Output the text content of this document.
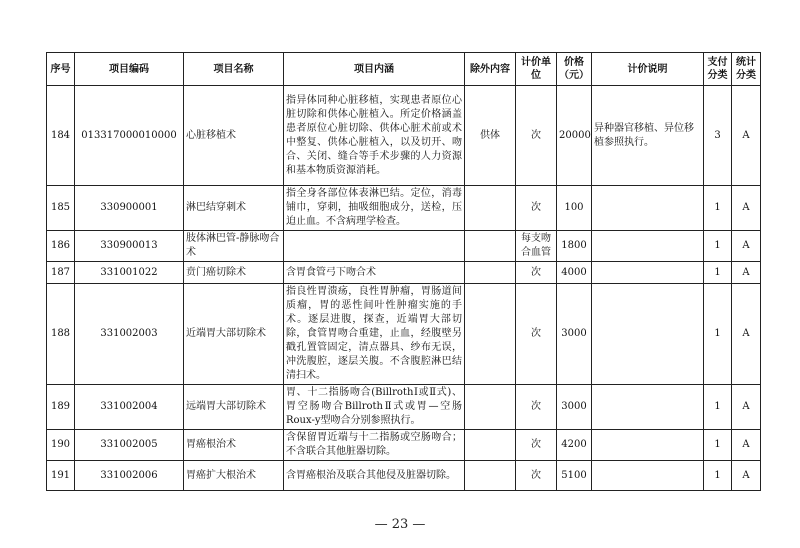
序号	项目编码	项目名称	项目内涵	除外内容	计价单位	价格（元）	计价说明	支付分类	统计分类
184	013317000010000	心脏移植术	指异体同种心脏移植，实现患者原位心脏切除和供体心脏植入。所定价格涵盖患者原位心脏切除、供体心脏术前或术中整复、供体心脏植入，以及切开、吻合、关闭、缝合等手术步骤的人力资源和基本物质资源消耗。	供体	次	20000	异种器官移植、异位移植参照执行。	3	A
185	330900001	淋巴结穿刺术	指全身各部位体表淋巴结。定位，消毒铺巾，穿刺，抽吸细胞成分，送检，压迫止血。不含病理学检查。		次	100		1	A
186	330900013	肢体淋巴管-静脉吻合术			每支吻合血管	1800		1	A
187	331001022	贲门癌切除术	含胃食管弓下吻合术		次	4000		1	A
188	331002003	近端胃大部切除术	指良性胃溃疡，良性胃肿瘤，胃肠道间质瘤，胃的恶性间叶性肿瘤实施的手术。逐层进腹，探查，近端胃大部切除，食管胃吻合重建，止血，经腹壁另戳孔置管固定，清点器具、纱布无误，冲洗腹腔，逐层关腹。不含腹腔淋巴结清扫术。		次	3000		1	A
189	331002004	远端胃大部切除术	胃、十二指肠吻合(BillrothⅠ或Ⅱ式)、胃空肠吻合BillrothⅡ式或胃—空肠Roux-y型吻合分别参照执行。		次	3000		1	A
190	331002005	胃癌根治术	含保留胃近端与十二指肠或空肠吻合；不含联合其他脏器切除。		次	4200		1	A
191	331002006	胃癌扩大根治术	含胃癌根治及联合其他侵及脏器切除。		次	5100		1	A
— 23 —
